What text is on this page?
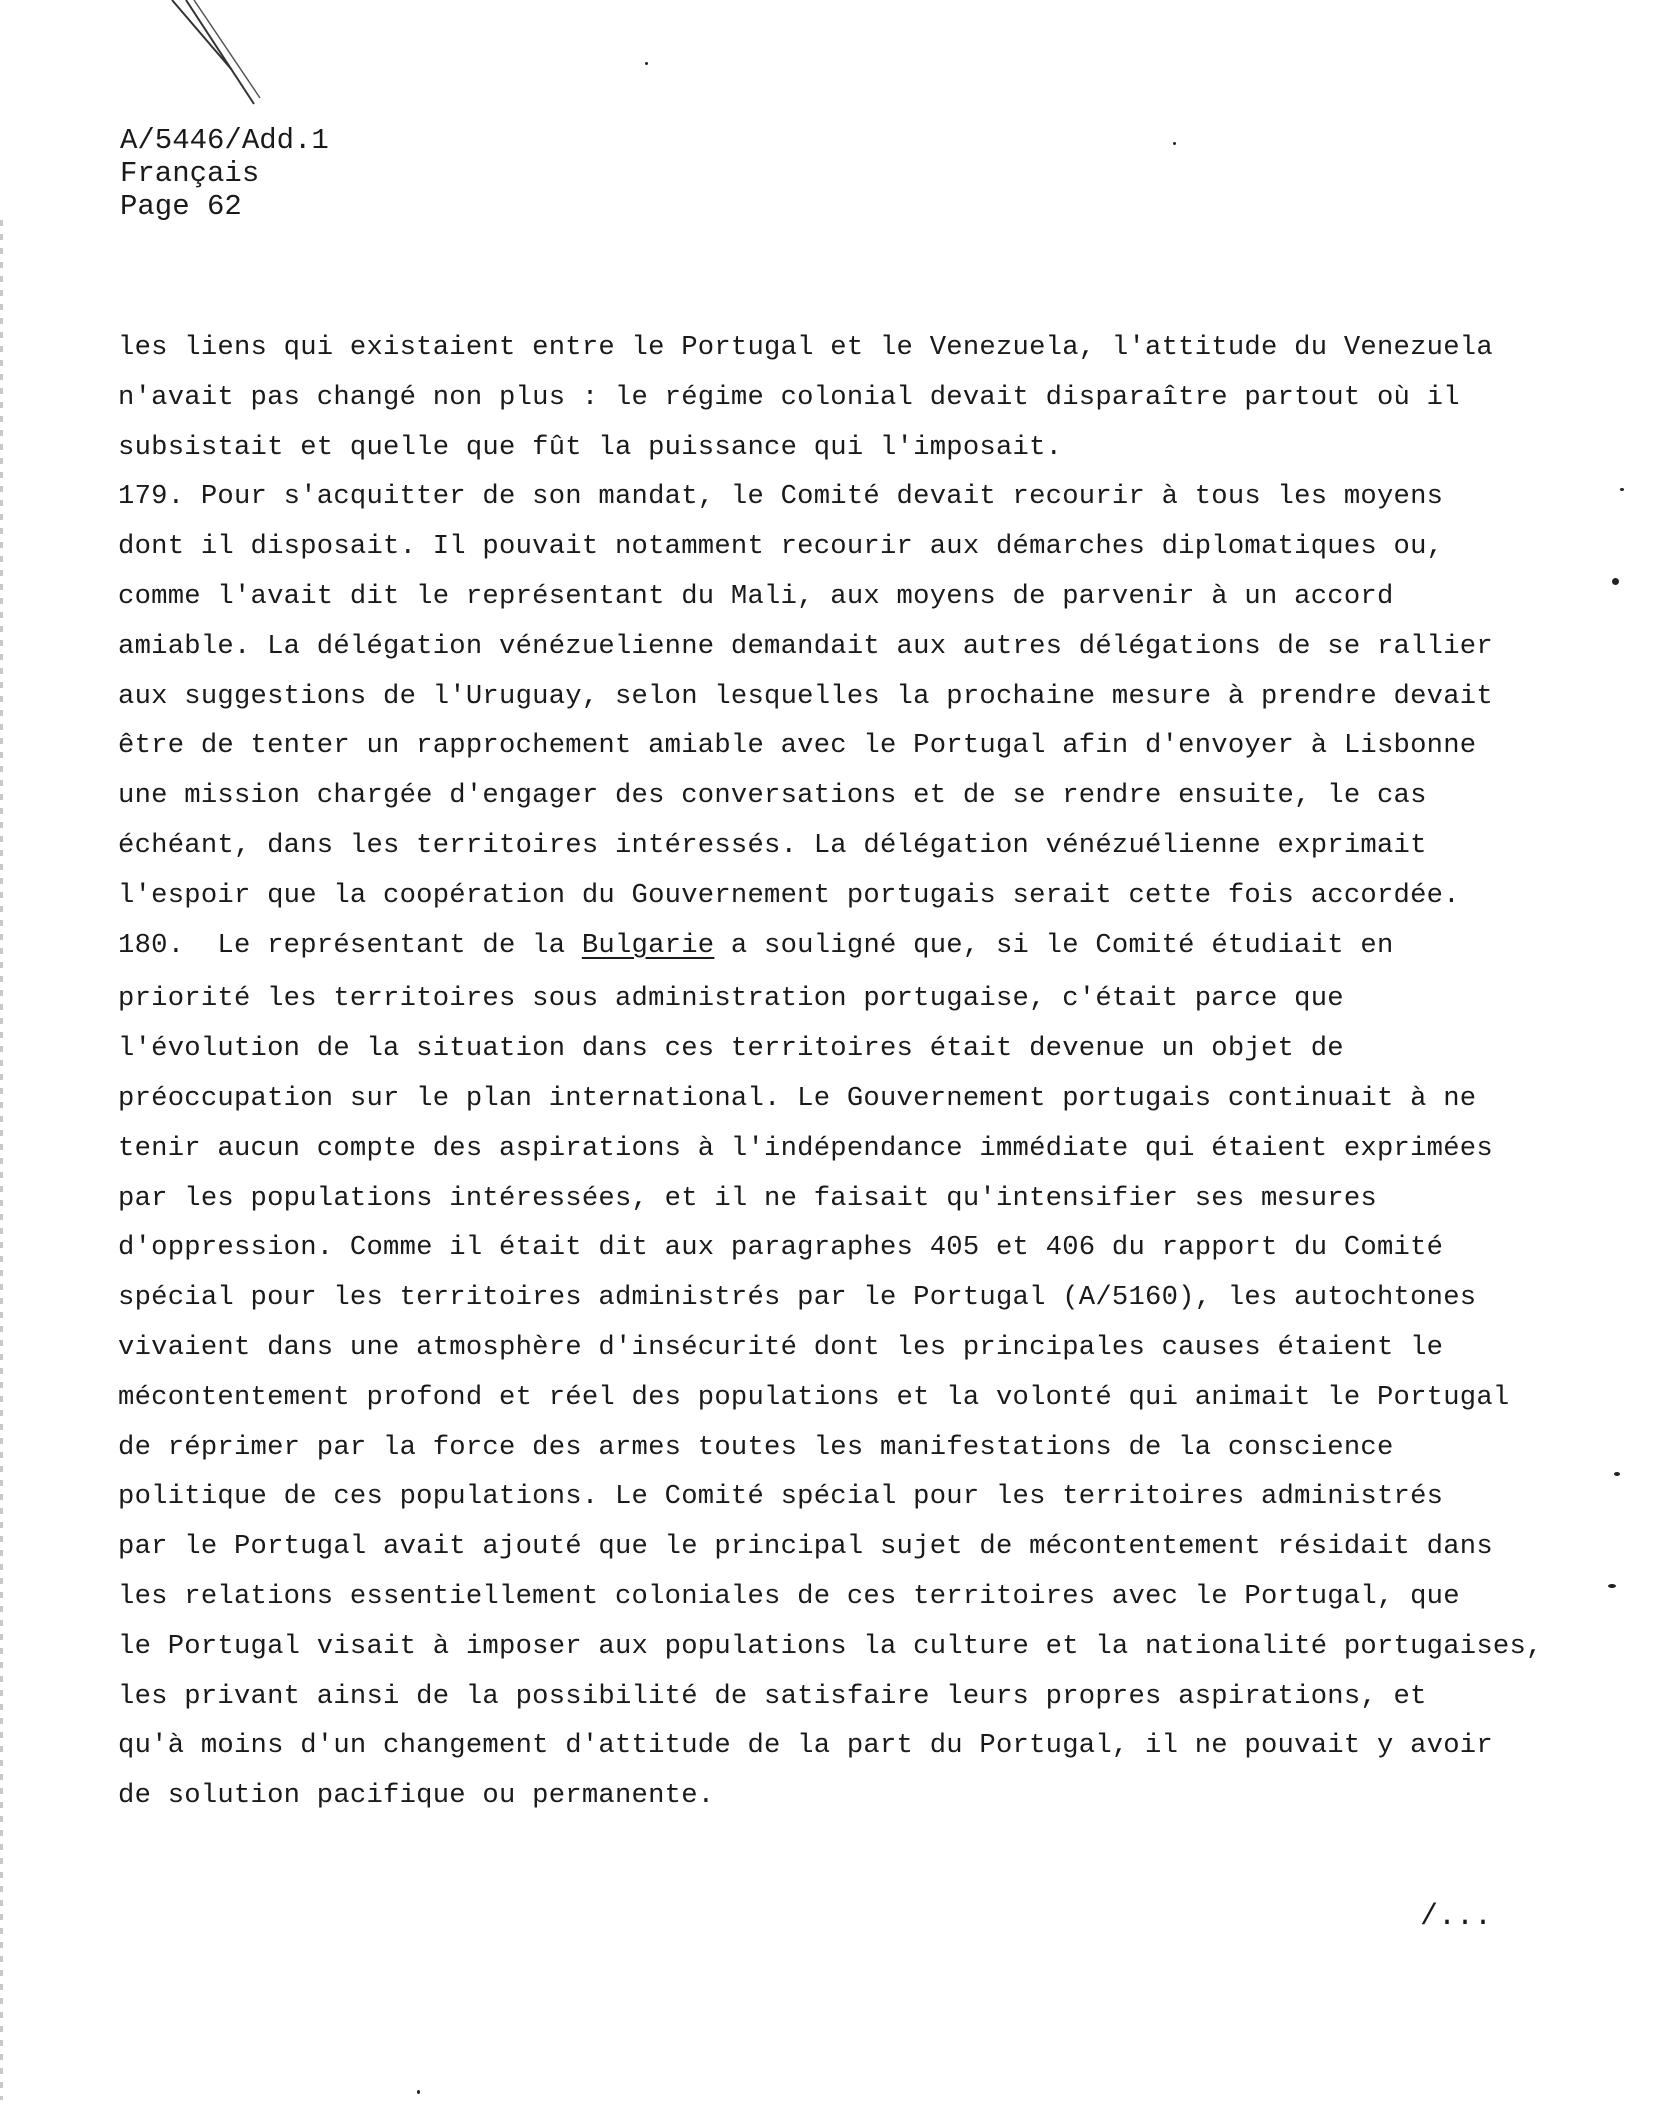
A/5446/Add.1
Français
Page 62
les liens qui existaient entre le Portugal et le Venezuela, l'attitude du Venezuela
n'avait pas changé non plus : le régime colonial devait disparaître partout où il
subsistait et quelle que fût la puissance qui l'imposait.
179. Pour s'acquitter de son mandat, le Comité devait recourir à tous les moyens
dont il disposait. Il pouvait notamment recourir aux démarches diplomatiques ou,
comme l'avait dit le représentant du Mali, aux moyens de parvenir à un accord
amiable. La délégation vénézuelienne demandait aux autres délégations de se rallier
aux suggestions de l'Uruguay, selon lesquelles la prochaine mesure à prendre devait
être de tenter un rapprochement amiable avec le Portugal afin d'envoyer à Lisbonne
une mission chargée d'engager des conversations et de se rendre ensuite, le cas
échéant, dans les territoires intéressés. La délégation vénézuélienne exprimait
l'espoir que la coopération du Gouvernement portugais serait cette fois accordée.
180.  Le représentant de la Bulgarie a souligné que, si le Comité étudiait en
priorité les territoires sous administration portugaise, c'était parce que
l'évolution de la situation dans ces territoires était devenue un objet de
préoccupation sur le plan international. Le Gouvernement portugais continuait à ne
tenir aucun compte des aspirations à l'indépendance immédiate qui étaient exprimées
par les populations intéressées, et il ne faisait qu'intensifier ses mesures
d'oppression. Comme il était dit aux paragraphes 405 et 406 du rapport du Comité
spécial pour les territoires administrés par le Portugal (A/5160), les autochtones
vivaient dans une atmosphère d'insécurité dont les principales causes étaient le
mécontentement profond et réel des populations et la volonté qui animait le Portugal
de réprimer par la force des armes toutes les manifestations de la conscience
politique de ces populations. Le Comité spécial pour les territoires administrés
par le Portugal avait ajouté que le principal sujet de mécontentement résidait dans
les relations essentiellement coloniales de ces territoires avec le Portugal, que
le Portugal visait à imposer aux populations la culture et la nationalité portugaises,
les privant ainsi de la possibilité de satisfaire leurs propres aspirations, et
qu'à moins d'un changement d'attitude de la part du Portugal, il ne pouvait y avoir
de solution pacifique ou permanente.
/...
